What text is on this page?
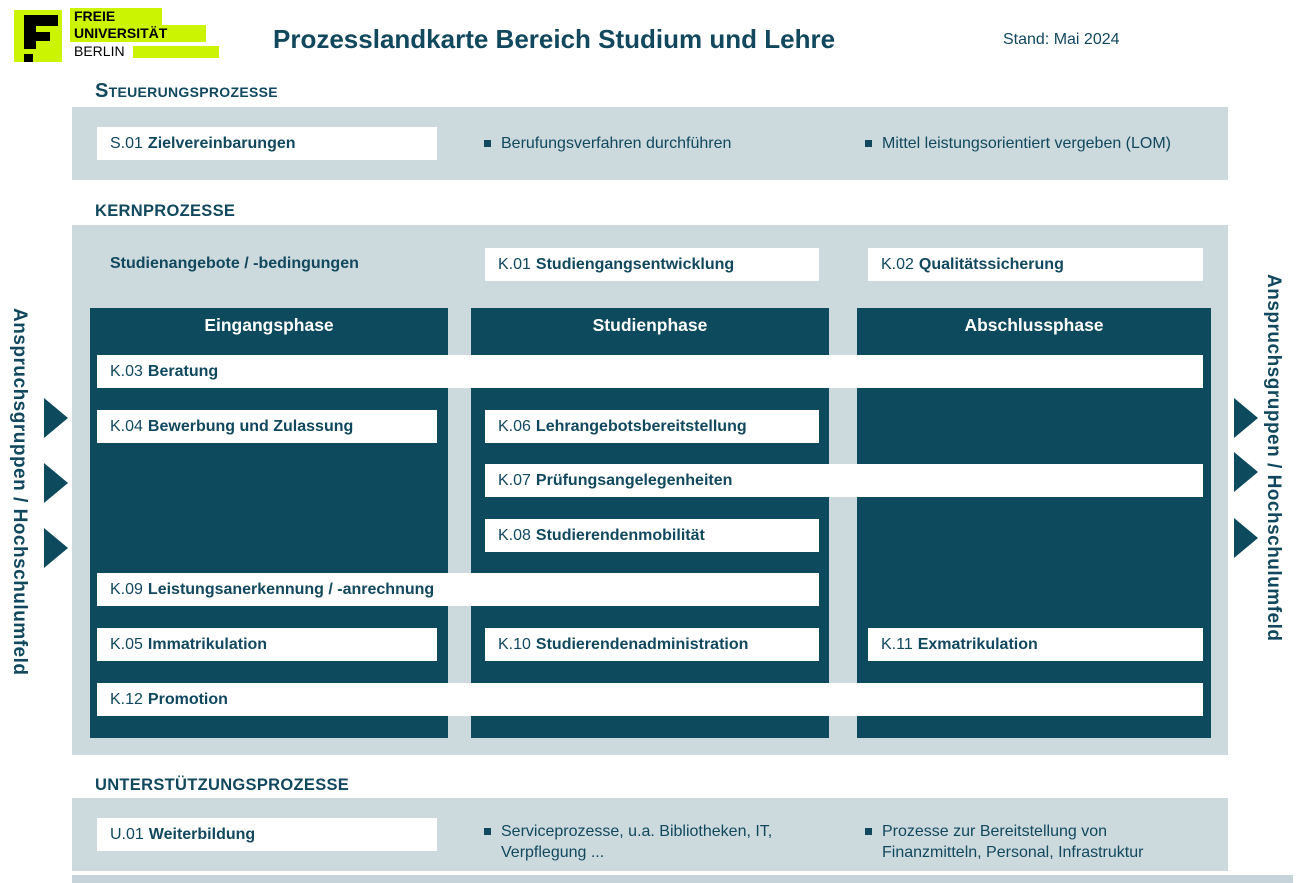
FREIE
UNIVERSITÄT
BERLIN	Prozesslandkarte Bereich Studium und Lehre	Stand: Mai 2024
Steuerungsprozesse
S.01 Zielvereinbarungen	Berufungsverfahren durchführen	Mittel leistungsorientiert vergeben (LOM)
KERNPROZESSE
Studienangebote / -bedingungen	K.01 Studiengangsentwicklung	K.02 Qualitätssicherung
Eingangsphase	Studienphase	Abschlussphase
K.03 Beratung
K.04 Bewerbung und Zulassung	K.06 Lehrangebotsbereitstellung
K.07 Prüfungsangelegenheiten
K.08 Studierendenmobilität
K.09 Leistungsanerkennung / -anrechnung
K.05 Immatrikulation	K.10 Studierendenadministration	K.11 Exmatrikulation
K.12 Promotion
UNTERSTÜTZUNGSPROZESSE
U.01 Weiterbildung	Serviceprozesse, u.a. Bibliotheken, IT, Verpflegung ...
Prozesse zur Bereitstellung von Finanzmitteln, Personal, Infrastruktur
Anspruchsgruppen / Hochschulumfeld	Anspruchsgruppen / Hochschulumfeld
